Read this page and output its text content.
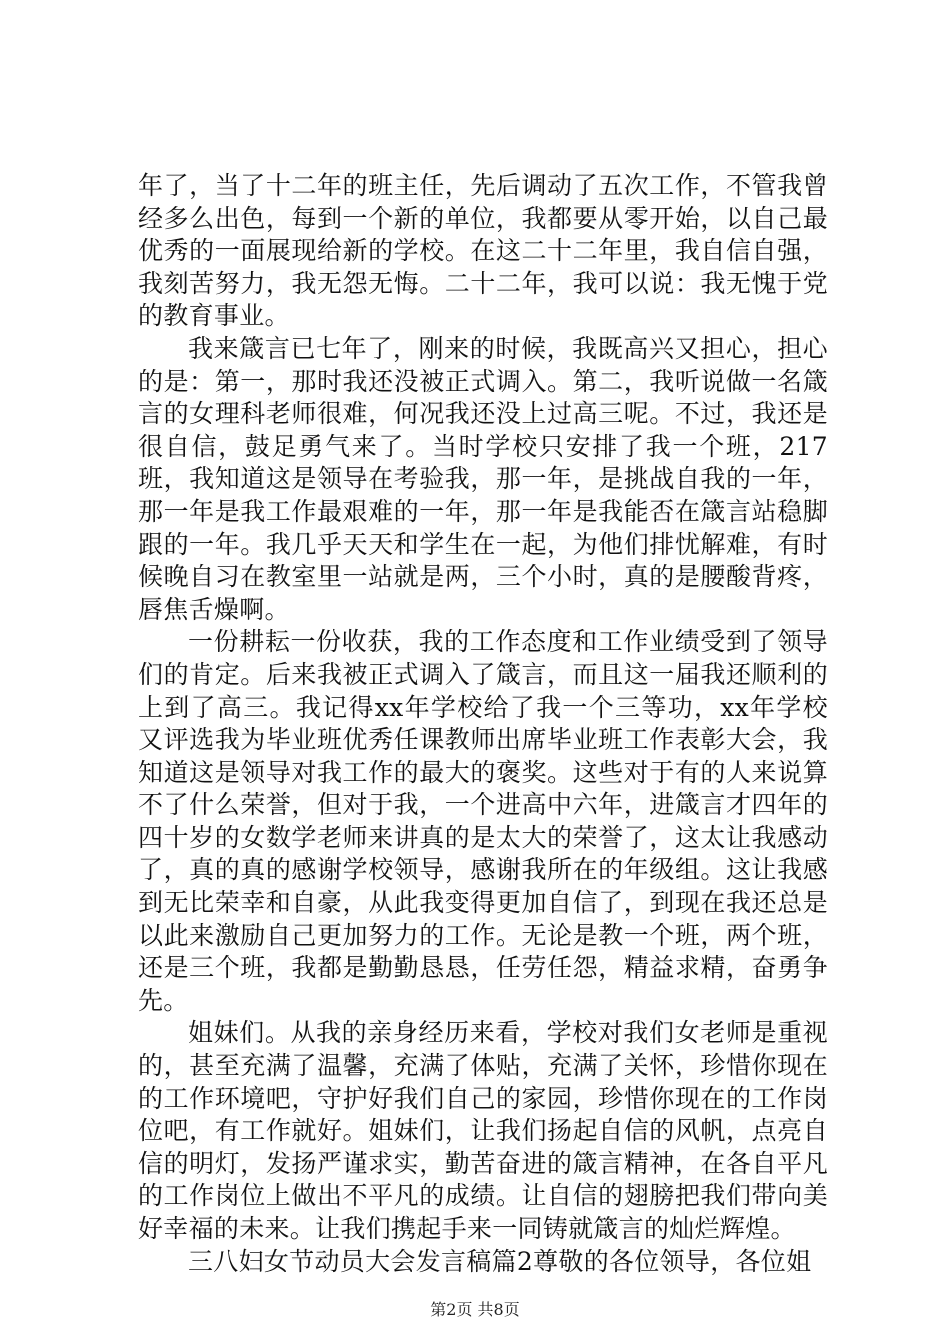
年了，当了十二年的班主任，先后调动了五次工作，不管我曾经多么出色，每到一个新的单位，我都要从零开始，以自己最优秀的一面展现给新的学校。在这二十二年里，我自信自强，我刻苦努力，我无怨无悔。二十二年，我可以说：我无愧于党的教育事业。

我来箴言已七年了，刚来的时候，我既高兴又担心，担心的是：第一，那时我还没被正式调入。第二，我听说做一名箴言的女理科老师很难，何况我还没上过高三呢。不过，我还是很自信，鼓足勇气来了。当时学校只安排了我一个班，217班，我知道这是领导在考验我，那一年，是挑战自我的一年，那一年是我工作最艰难的一年，那一年是我能否在箴言站稳脚跟的一年。我几乎天天和学生在一起，为他们排忧解难，有时候晚自习在教室里一站就是两，三个小时，真的是腰酸背疼，唇焦舌燥啊。

一份耕耘一份收获，我的工作态度和工作业绩受到了领导们的肯定。后来我被正式调入了箴言，而且这一届我还顺利的上到了高三。我记得xx年学校给了我一个三等功，xx年学校又评选我为毕业班优秀任课教师出席毕业班工作表彰大会，我知道这是领导对我工作的最大的褒奖。这些对于有的人来说算不了什么荣誉，但对于我，一个进高中六年，进箴言才四年的四十岁的女数学老师来讲真的是太大的荣誉了，这太让我感动了，真的真的感谢学校领导，感谢我所在的年级组。这让我感到无比荣幸和自豪，从此我变得更加自信了，到现在我还总是以此来激励自己更加努力的工作。无论是教一个班，两个班，还是三个班，我都是勤勤恳恳，任劳任怨，精益求精，奋勇争先。

姐妹们。从我的亲身经历来看，学校对我们女老师是重视的，甚至充满了温馨，充满了体贴，充满了关怀，珍惜你现在的工作环境吧，守护好我们自己的家园，珍惜你现在的工作岗位吧，有工作就好。姐妹们，让我们扬起自信的风帆，点亮自信的明灯，发扬严谨求实，勤苦奋进的箴言精神，在各自平凡的工作岗位上做出不平凡的成绩。让自信的翅膀把我们带向美好幸福的未来。让我们携起手来一同铸就箴言的灿烂辉煌。

三八妇女节动员大会发言稿篇2尊敬的各位领导，各位姐

第2页 共8页
